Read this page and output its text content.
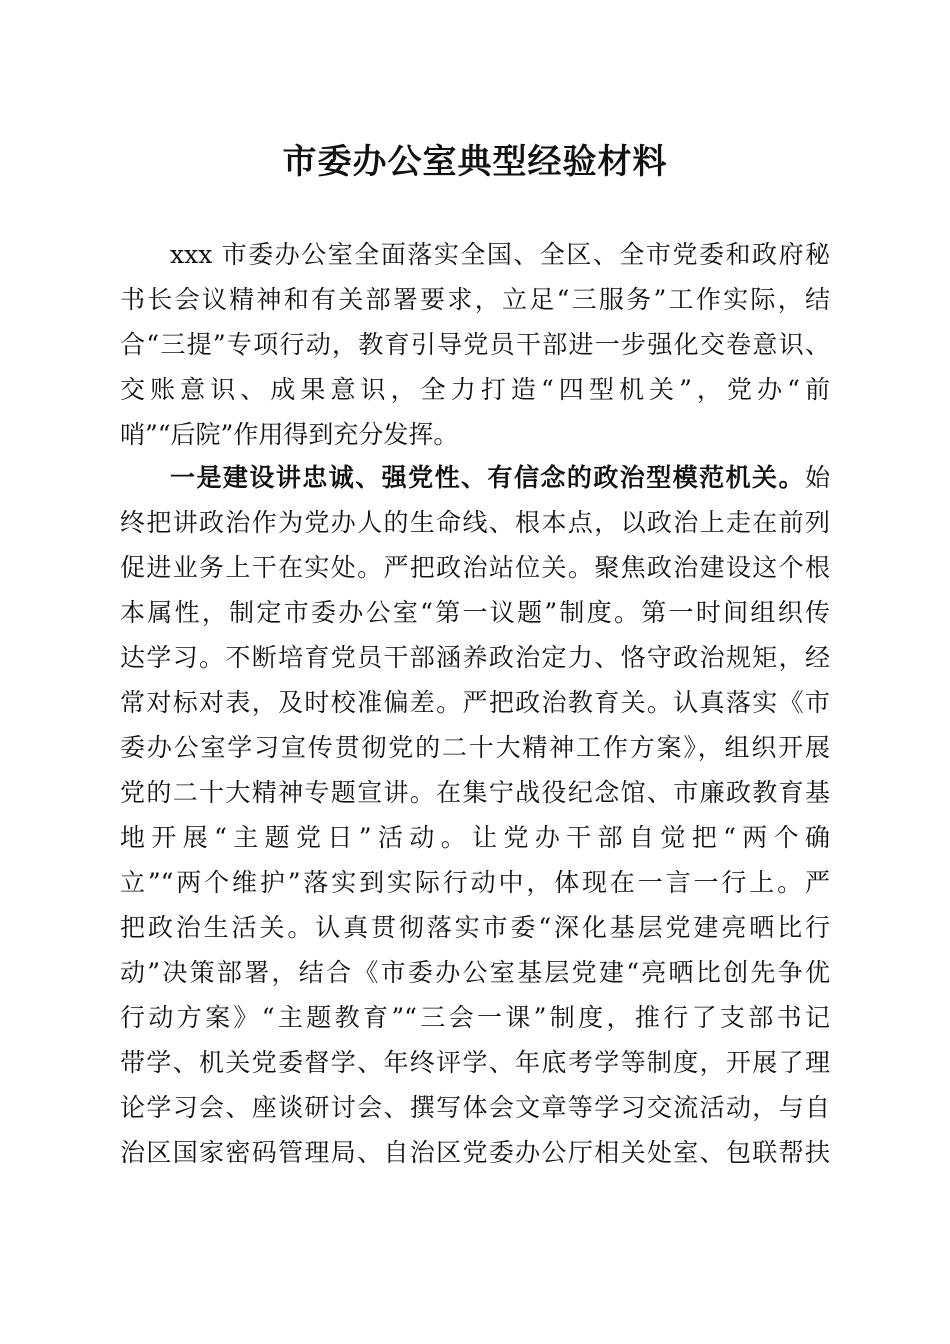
市委办公室典型经验材料
xxx 市委办公室全面落实全国、全区、全市党委和政府秘
书长会议精神和有关部署要求，立足“三服务”工作实际，结
合“三提”专项行动，教育引导党员干部进一步强化交卷意识、
交账意识、成果意识，全力打造“四型机关”，党办“前
哨”“后院”作用得到充分发挥。
一是建设讲忠诚、强党性、有信念的政治型模范机关。始
终把讲政治作为党办人的生命线、根本点，以政治上走在前列
促进业务上干在实处。严把政治站位关。聚焦政治建设这个根
本属性，制定市委办公室“第一议题”制度。第一时间组织传
达学习。不断培育党员干部涵养政治定力、恪守政治规矩，经
常对标对表，及时校准偏差。严把政治教育关。认真落实《市
委办公室学习宣传贯彻党的二十大精神工作方案》，组织开展
党的二十大精神专题宣讲。在集宁战役纪念馆、市廉政教育基
地开展“主题党日”活动。让党办干部自觉把“两个确
立”“两个维护”落实到实际行动中，体现在一言一行上。严
把政治生活关。认真贯彻落实市委“深化基层党建亮晒比行
动”决策部署，结合《市委办公室基层党建“亮晒比创先争优
行动方案》“主题教育”“三会一课”制度，推行了支部书记
带学、机关党委督学、年终评学、年底考学等制度，开展了理
论学习会、座谈研讨会、撰写体会文章等学习交流活动，与自
治区国家密码管理局、自治区党委办公厅相关处室、包联帮扶
